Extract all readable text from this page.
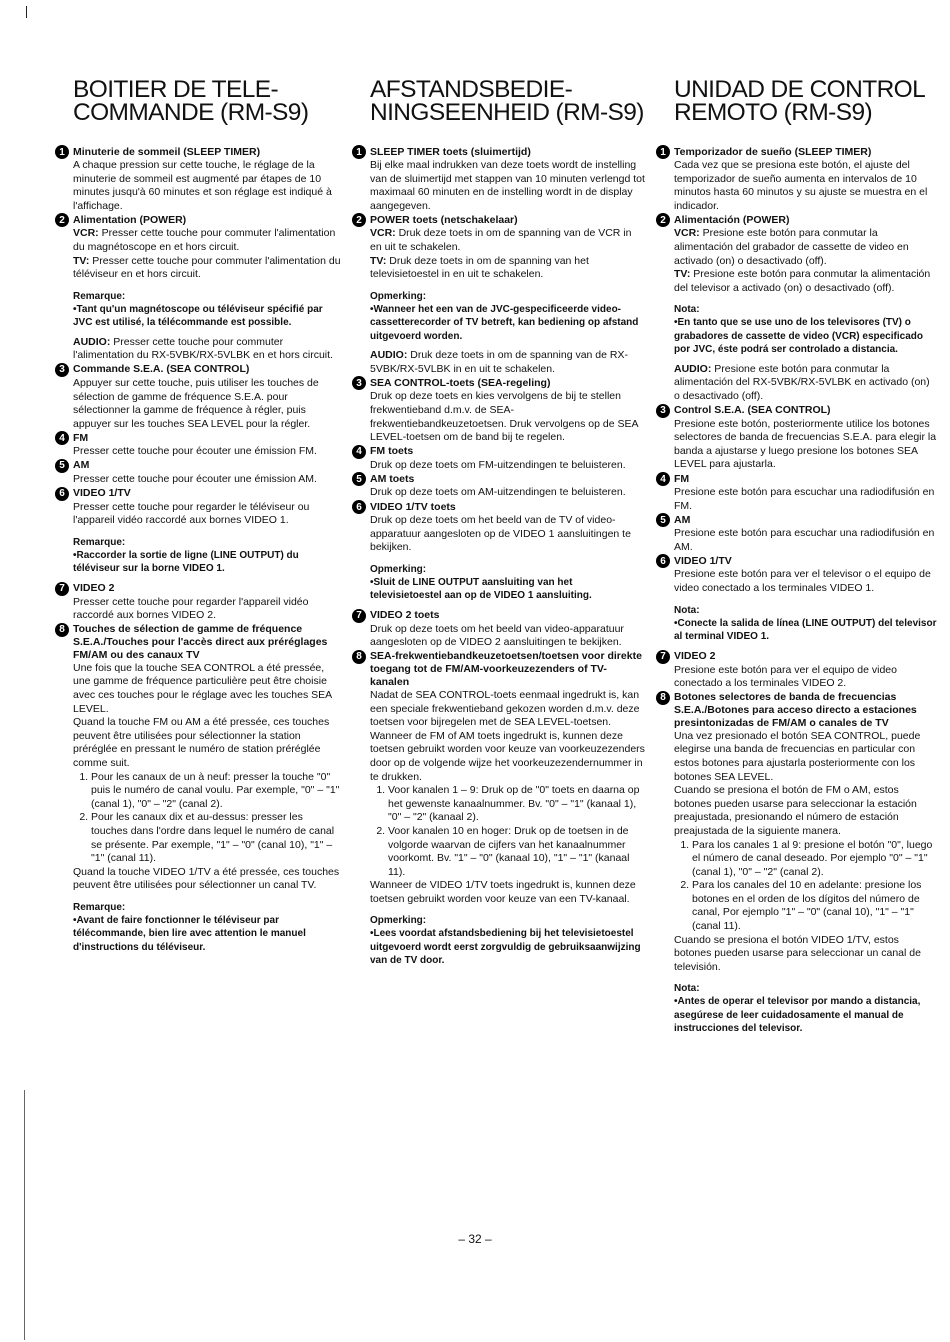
BOITIER DE TELE-
COMMANDE (RM-S9)
1 Minuterie de sommeil (SLEEP TIMER)

A chaque pression sur cette touche, le réglage de la minuterie de sommeil est augmenté par étapes de 10 minutes jusqu'à 60 minutes et son réglage est indiqué à l'affichage.

2 Alimentation (POWER)

VCR: Presser cette touche pour commuter l'alimentation du magnétoscope en et hors circuit.

TV: Presser cette touche pour commuter l'alimentation du téléviseur en et hors circuit.

Remarque:
• Tant qu'un magnétoscope ou téléviseur spécifié par JVC est utilisé, la télécommande est possible.

AUDIO: Presser cette touche pour commuter l'alimentation du RX-5VBK/RX-5VLBK en et hors circuit.

3 Commande S.E.A. (SEA CONTROL)

Appuyer sur cette touche, puis utiliser les touches de sélection de gamme de fréquence S.E.A. pour sélectionner la gamme de fréquence à régler, puis appuyer sur les touches SEA LEVEL pour la régler.

4 FM

Presser cette touche pour écouter une émission FM.

5 AM

Presser cette touche pour écouter une émission AM.

6 VIDEO 1/TV

Presser cette touche pour regarder le téléviseur ou l'appareil vidéo raccordé aux bornes VIDEO 1.

Remarque:
• Raccorder la sortie de ligne (LINE OUTPUT) du téléviseur sur la borne VIDEO 1.
7 VIDEO 2

Presser cette touche pour regarder l'appareil vidéo raccordé aux bornes VIDEO 2.

8 Touches de sélection de gamme de fréquence S.E.A./Touches pour l'accès direct aux préréglages FM/AM ou des canaux TV

Une fois que la touche SEA CONTROL a été pressée, une gamme de fréquence particulière peut être choisie avec ces touches pour le réglage avec les touches SEA LEVEL.

Quand la touche FM ou AM a été pressée, ces touches peuvent être utilisées pour sélectionner la station préréglée en pressant le numéro de station préréglée comme suit.

1. Pour les canaux de un à neuf: presser la touche "0" puis le numéro de canal voulu. Par exemple, "0" – "1" (canal 1), "0" – "2" (canal 2).
2. Pour les canaux dix et au-dessus: presser les touches dans l'ordre dans lequel le numéro de canal se présente. Par exemple, "1" – "0" (canal 10), "1" – "1" (canal 11).

Quand la touche VIDEO 1/TV a été pressée, ces touches peuvent être utilisées pour sélectionner un canal TV.

Remarque:
• Avant de faire fonctionner le téléviseur par télécommande, bien lire avec attention le manuel d'instructions du téléviseur.
AFSTANDSBEDIE-
NINGSEENHEID (RM-S9)
1 SLEEP TIMER toets (sluimertijd)

Bij elke maal indrukken van deze toets wordt de instelling van de sluimertijd met stappen van 10 minuten verlengd tot maximaal 60 minuten en de instelling wordt in de display aangegeven.

2 POWER toets (netschakelaar)

VCR: Druk deze toets in om de spanning van de VCR in en uit te schakelen.

TV: Druk deze toets in om de spanning van het televisietoestel in en uit te schakelen.

Opmerking:
• Wanneer het een van de JVC-gespecificeerde video-cassetterecorder of TV betreft, kan bediening op afstand uitgevoerd worden.

AUDIO: Druk deze toets in om de spanning van de RX-5VBK/RX-5VLBK in en uit te schakelen.

3 SEA CONTROL-toets (SEA-regeling)

Druk op deze toets en kies vervolgens de bij te stellen frekwentieband d.m.v. de SEA-frekwentiebandkeuzetoetsen. Druk vervolgens op de SEA LEVEL-toetsen om de band bij te regelen.

4 FM toets

Druk op deze toets om FM-uitzendingen te beluisteren.

5 AM toets

Druk op deze toets om AM-uitzendingen te beluisteren.

6 VIDEO 1/TV toets

Druk op deze toets om het beeld van de TV of video-apparatuur aangesloten op de VIDEO 1 aansluitingen te bekijken.

Opmerking:
• Sluit de LINE OUTPUT aansluiting van het televisietoestel aan op de VIDEO 1 aansluiting.
7 VIDEO 2 toets

Druk op deze toets om het beeld van video-apparatuur aangesloten op de VIDEO 2 aansluitingen te bekijken.

8 SEA-frekwentiebandkeuzetoetsen/toetsen voor direkte toegang tot de FM/AM-voorkeuzezenders of TV-kanalen

Nadat de SEA CONTROL-toets eenmaal ingedrukt is, kan een speciale frekwentieband gekozen worden d.m.v. deze toetsen voor bijregelen met de SEA LEVEL-toetsen.

Wanneer de FM of AM toets ingedrukt is, kunnen deze toetsen gebruikt worden voor keuze van voorkeuzezenders door op de volgende wijze het voorkeuzezendernummer in te drukken.

1. Voor kanalen 1 – 9: Druk op de "0" toets en daarna op het gewenste kanaalnummer. Bv. "0" – "1" (kanaal 1), "0" – "2" (kanaal 2).
2. Voor kanalen 10 en hoger: Druk op de toetsen in de volgorde waarvan de cijfers van het kanaalnummer voorkomt. Bv. "1" – "0" (kanaal 10), "1" – "1" (kanaal 11).

Wanneer de VIDEO 1/TV toets ingedrukt is, kunnen deze toetsen gebruikt worden voor keuze van een TV-kanaal.

Opmerking:
• Lees voordat afstandsbediening bij het televisietoestel uitgevoerd wordt eerst zorgvuldig de gebruiksaanwijzing van de TV door.
UNIDAD DE CONTROL
REMOTO (RM-S9)
1 Temporizador de sueño (SLEEP TIMER)

Cada vez que se presiona este botón, el ajuste del temporizador de sueño aumenta en intervalos de 10 minutos hasta 60 minutos y su ajuste se muestra en el indicador.

2 Alimentación (POWER)

VCR: Presione este botón para conmutar la alimentación del grabador de cassette de video en activado (on) o desactivado (off).

TV: Presione este botón para conmutar la alimentación del televisor a activado (on) o desactivado (off).

Nota:
• En tanto que se use uno de los televisores (TV) o grabadores de cassette de video (VCR) especificado por JVC, éste podrá ser controlado a distancia.

AUDIO: Presione este botón para conmutar la alimentación del RX-5VBK/RX-5VLBK en activado (on) o desactivado (off).

3 Control S.E.A. (SEA CONTROL)

Presione este botón, posteriormente utilice los botones selectores de banda de frecuencias S.E.A. para elegir la banda a ajustarse y luego presione los botones SEA LEVEL para ajustarla.

4 FM

Presione este botón para escuchar una radiodifusión en FM.

5 AM

Presione este botón para escuchar una radiodifusión en AM.

6 VIDEO 1/TV

Presione este botón para ver el televisor o el equipo de video conectado a los terminales VIDEO 1.

Nota:
• Conecte la salida de línea (LINE OUTPUT) del televisor al terminal VIDEO 1.
7 VIDEO 2

Presione este botón para ver el equipo de video conectado a los terminales VIDEO 2.

8 Botones selectores de banda de frecuencias S.E.A./Botones para acceso directo a estaciones presintonizadas de FM/AM o canales de TV

Una vez presionado el botón SEA CONTROL, puede elegirse una banda de frecuencias en particular con estos botones para ajustarla posteriormente con los botones SEA LEVEL.

Cuando se presiona el botón de FM o AM, estos botones pueden usarse para seleccionar la estación preajustada, presionando el número de estación preajustada de la siguiente manera.

1. Para los canales 1 al 9: presione el botón "0", luego el número de canal deseado. Por ejemplo "0" – "1" (canal 1), "0" – "2" (canal 2).
2. Para los canales del 10 en adelante: presione los botones en el orden de los dígitos del número de canal, Por ejemplo "1" – "0" (canal 10), "1" – "1" (canal 11).

Cuando se presiona el botón VIDEO 1/TV, estos botones pueden usarse para seleccionar un canal de televisión.

Nota:
• Antes de operar el televisor por mando a distancia, asegúrese de leer cuidadosamente el manual de instrucciones del televisor.
– 32 –
